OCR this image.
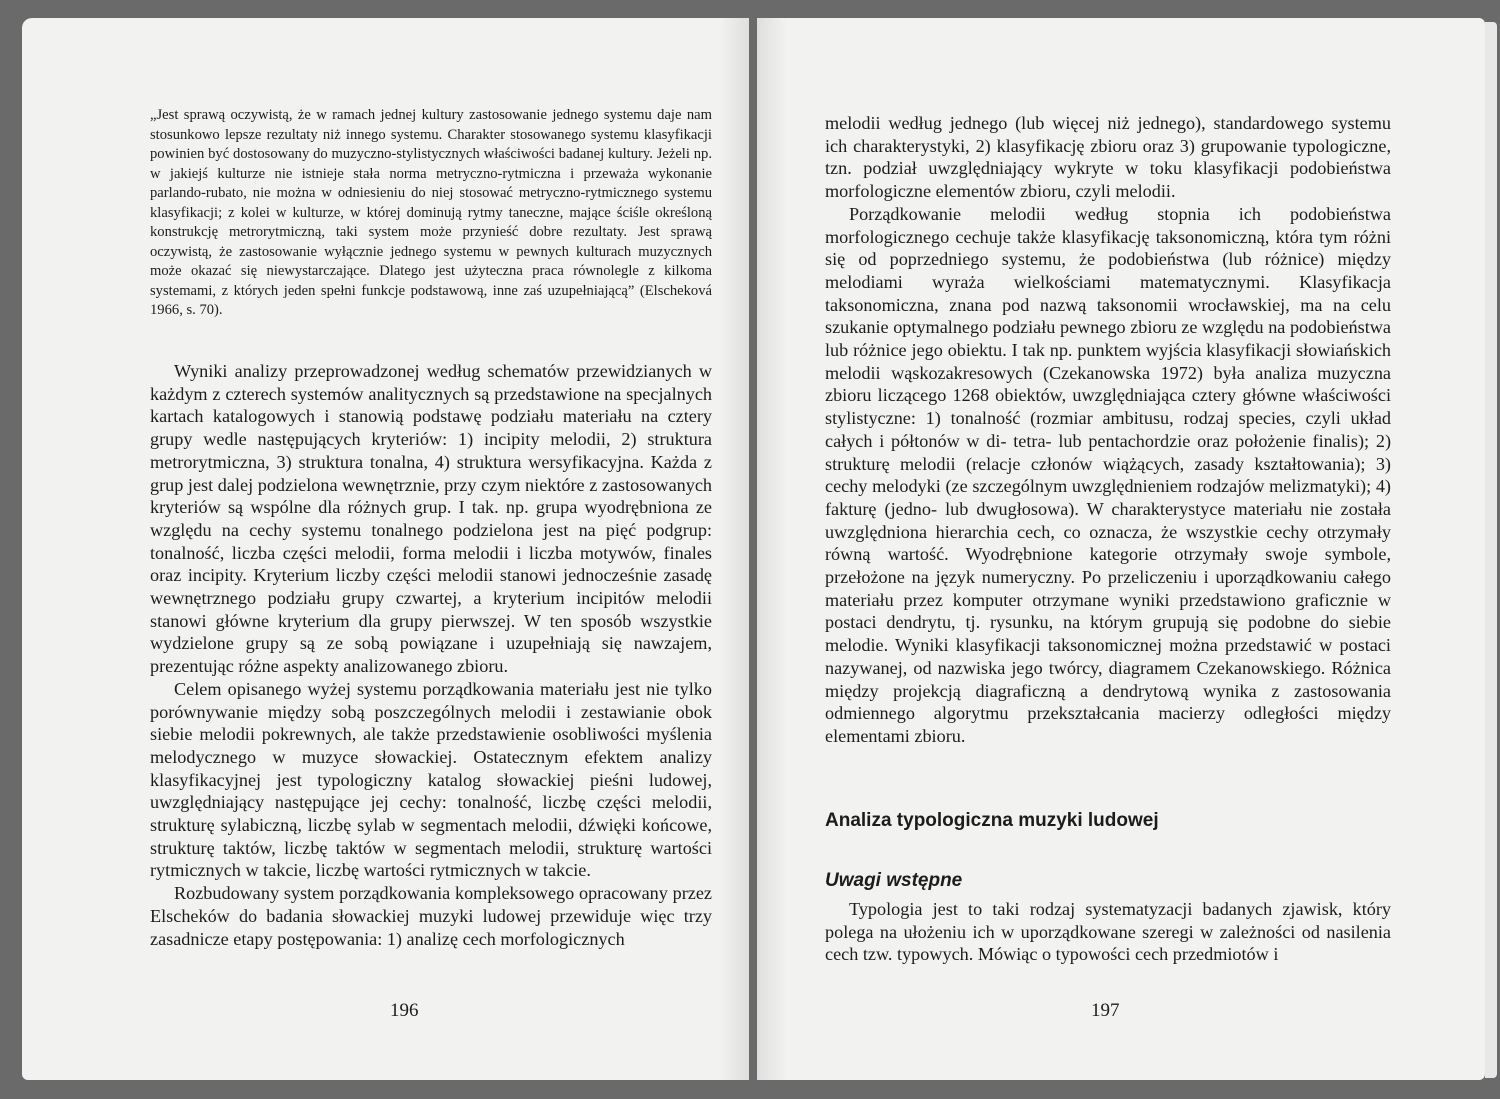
„Jest sprawą oczywistą, że w ramach jednej kultury zastosowanie jednego systemu daje nam stosunkowo lepsze rezultaty niż innego systemu. Charakter stosowanego systemu klasyfikacji powinien być dostosowany do muzyczno-stylistycznych właściwości badanej kultury. Jeżeli np. w jakiejś kulturze nie istnieje stała norma metryczno-rytmiczna i przeważa wykonanie parlando-rubato, nie można w odniesieniu do niej stosować metryczno-rytmicznego systemu klasyfikacji; z kolei w kulturze, w której dominują rytmy taneczne, mające ściśle określoną konstrukcję metrorytmiczną, taki system może przynieść dobre rezultaty. Jest sprawą oczywistą, że zastosowanie wyłącznie jednego systemu w pewnych kulturach muzycznych może okazać się niewystarczające. Dlatego jest użyteczna praca równolegle z kilkoma systemami, z których jeden spełni funkcje podstawową, inne zaś uzupełniającą” (Elscheková 1966, s. 70).

Wyniki analizy przeprowadzonej według schematów przewidzianych w każdym z czterech systemów analitycznych są przedstawione na specjalnych kartach katalogowych i stanowią podstawę podziału materiału na cztery grupy wedle następujących kryteriów: 1) incipity melodii, 2) struktura metrorytmiczna, 3) struktura tonalna, 4) struktura wersyfikacyjna. Każda z grup jest dalej podzielona wewnętrznie, przy czym niektóre z zastosowanych kryteriów są wspólne dla różnych grup. I tak. np. grupa wyodrębniona ze względu na cechy systemu tonalnego podzielona jest na pięć podgrup: tonalność, liczba części melodii, forma melodii i liczba motywów, finales oraz incipity. Kryterium liczby części melodii stanowi jednocześnie zasadę wewnętrznego podziału grupy czwartej, a kryterium incipitów melodii stanowi główne kryterium dla grupy pierwszej. W ten sposób wszystkie wydzielone grupy są ze sobą powiązane i uzupełniają się nawzajem, prezentując różne aspekty analizowanego zbioru.

Celem opisanego wyżej systemu porządkowania materiału jest nie tylko porównywanie między sobą poszczególnych melodii i zestawianie obok siebie melodii pokrewnych, ale także przedstawienie osobliwości myślenia melodycznego w muzyce słowackiej. Ostatecznym efektem analizy klasyfikacyjnej jest typologiczny katalog słowackiej pieśni ludowej, uwzględniający następujące jej cechy: tonalność, liczbę części melodii, strukturę sylabiczną, liczbę sylab w segmentach melodii, dźwięki końcowe, strukturę taktów, liczbę taktów w segmentach melodii, strukturę wartości rytmicznych w takcie, liczbę wartości rytmicznych w takcie.

Rozbudowany system porządkowania kompleksowego opracowany przez Elscheków do badania słowackiej muzyki ludowej przewiduje więc trzy zasadnicze etapy postępowania: 1) analizę cech morfologicznych

196

melodii według jednego (lub więcej niż jednego), standardowego systemu ich charakterystyki, 2) klasyfikację zbioru oraz 3) grupowanie typologiczne, tzn. podział uwzględniający wykryte w toku klasyfikacji podobieństwa morfologiczne elementów zbioru, czyli melodii.

Porządkowanie melodii według stopnia ich podobieństwa morfologicznego cechuje także klasyfikację taksonomiczną, która tym różni się od poprzedniego systemu, że podobieństwa (lub różnice) między melodiami wyraża wielkościami matematycznymi. Klasyfikacja taksonomiczna, znana pod nazwą taksonomii wrocławskiej, ma na celu szukanie optymalnego podziału pewnego zbioru ze względu na podobieństwa lub różnice jego obiektu. I tak np. punktem wyjścia klasyfikacji słowiańskich melodii wąskozakresowych (Czekanowska 1972) była analiza muzyczna zbioru liczącego 1268 obiektów, uwzględniająca cztery główne właściwości stylistyczne: 1) tonalność (rozmiar ambitusu, rodzaj species, czyli układ całych i półtonów w di- tetra- lub pentachordzie oraz położenie finalis); 2) strukturę melodii (relacje członów wiążących, zasady kształtowania); 3) cechy melodyki (ze szczególnym uwzględnieniem rodzajów melizmatyki); 4) fakturę (jedno- lub dwugłosowa). W charakterystyce materiału nie została uwzględniona hierarchia cech, co oznacza, że wszystkie cechy otrzymały równą wartość. Wyodrębnione kategorie otrzymały swoje symbole, przełożone na język numeryczny. Po przeliczeniu i uporządkowaniu całego materiału przez komputer otrzymane wyniki przedstawiono graficznie w postaci dendrytu, tj. rysunku, na którym grupują się podobne do siebie melodie. Wyniki klasyfikacji taksonomicznej można przedstawić w postaci nazywanej, od nazwiska jego twórcy, diagramem Czekanowskiego. Różnica między projekcją diagraficzną a dendrytową wynika z zastosowania odmiennego algorytmu przekształcania macierzy odległości między elementami zbioru.

Analiza typologiczna muzyki ludowej
Uwagi wstępne

Typologia jest to taki rodzaj systematyzacji badanych zjawisk, który polega na ułożeniu ich w uporządkowane szeregi w zależności od nasilenia cech tzw. typowych. Mówiąc o typowości cech przedmiotów i

197
